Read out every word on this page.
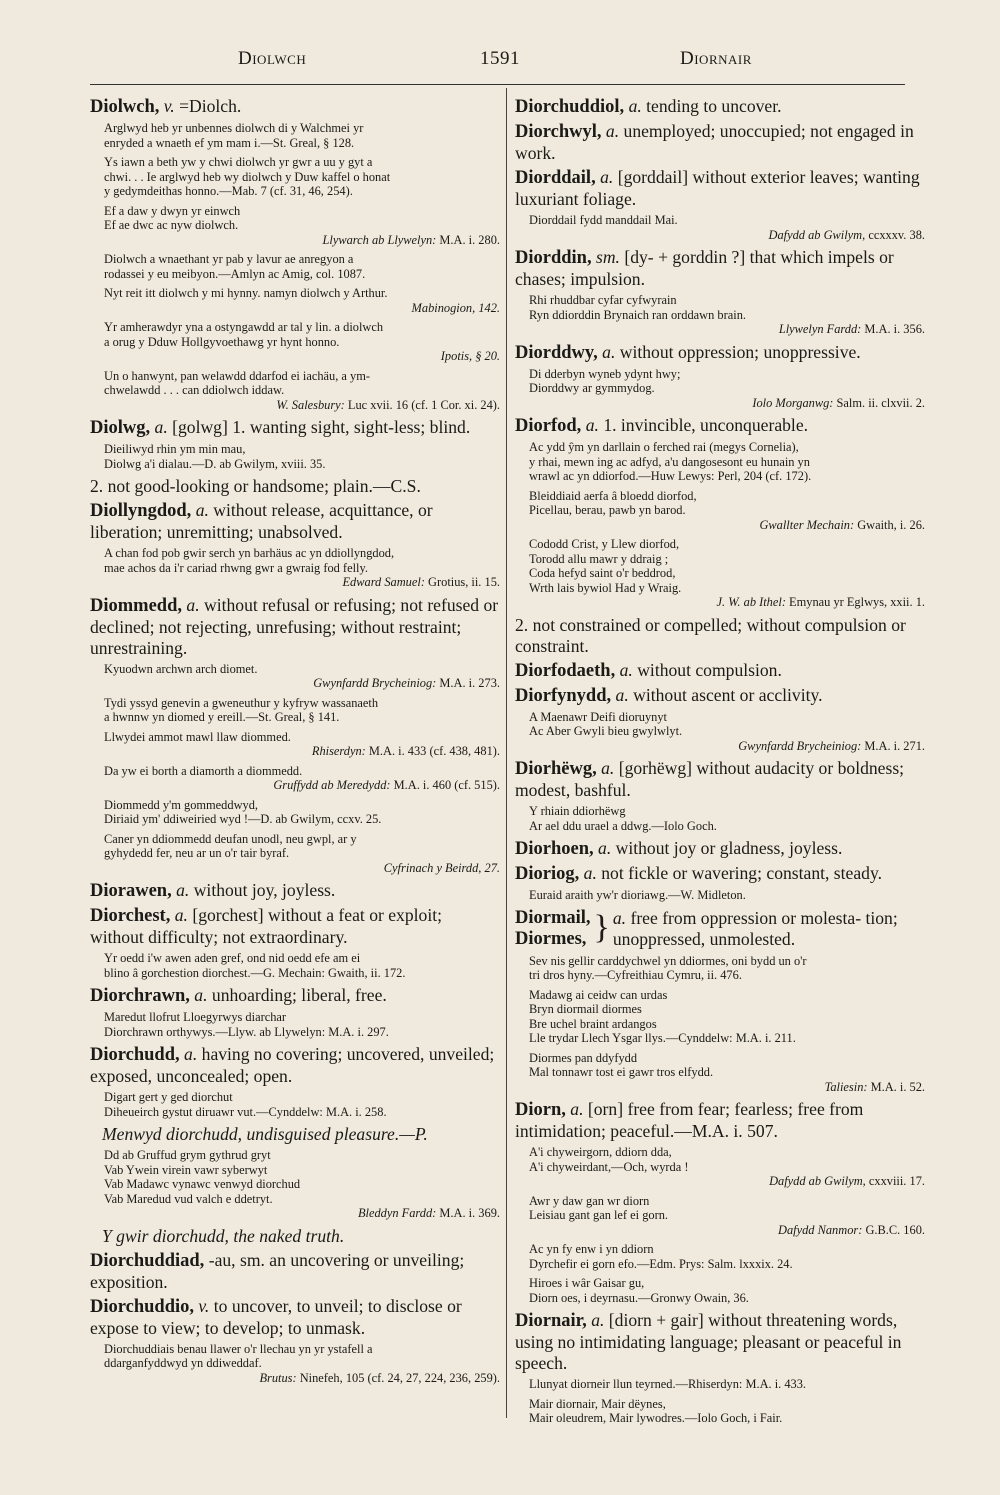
Diolwch	1591	Diornair

Diolwch, v. =Diolch.

Arglwyd heb yr unbennes diolwch di y Walchmei yr
enryded a wnaeth ef ym mam i.—St. Greal, § 128.
Ys iawn a beth yw y chwi diolwch yr gwr a uu y gyt a
chwi. . . Ie arglwyd heb wy diolwch y Duw kaffel o honat
y gedymdeithas honno.—Mab. 7 (cf. 31, 46, 254).
Ef a daw y dwyn yr einwch
Ef ae dwc ac nyw diolwch.
Llywarch ab Llywelyn: M.A. i. 280.
Diolwch a wnaethant yr pab y lavur ae anregyon a
rodassei y eu meibyon.—Amlyn ac Amig, col. 1087.
Nyt reit itt diolwch y mi hynny. namyn diolwch y Arthur.
Mabinogion, 142.
Yr amherawdyr yna a ostyngawdd ar tal y lin. a diolwch
a orug y Dduw Hollgyvoethawg yr hynt honno.
Ipotis, § 20.
Un o hanwynt, pan welawdd ddarfod ei iachäu, a ym-
chwelawdd . . . can ddiolwch iddaw.
W. Salesbury: Luc xvii. 16 (cf. 1 Cor. xi. 24).

Diolwg, a. [golwg] 1. wanting sight, sight-less; blind.

Dieiliwyd rhin ym min mau,
Diolwg a'i dialau.—D. ab Gwilym, xviii. 35.

2. not good-looking or handsome; plain.—C.S.

Diollyngdod, a. without release, acquittance, or liberation; unremitting; unabsolved.

A chan fod pob gwir serch yn barhäus ac yn ddiollyngdod,
mae achos da i'r cariad rhwng gwr a gwraig fod felly.
Edward Samuel: Grotius, ii. 15.

Diommedd, a. without refusal or refusing; not refused or declined; not rejecting, unrefusing; without restraint; unrestraining.

Kyuodwn archwn arch diomet.
Gwynfardd Brycheiniog: M.A. i. 273.
Tydi yssyd genevin a gweneuthur y kyfryw wassanaeth
a hwnnw yn diomed y ereill.—St. Greal, § 141.
Llwydei ammot mawl llaw diommed.
Rhiserdyn: M.A. i. 433 (cf. 438, 481).
Da yw ei borth a diamorth a diommedd.
Gruffydd ab Meredydd: M.A. i. 460 (cf. 515).
Diommedd y'm gommeddwyd,
Diriaid ym' ddiweiried wyd !—D. ab Gwilym, ccxv. 25.
Caner yn ddiommedd deufan unodl, neu gwpl, ar y
gyhydedd fer, neu ar un o'r tair byraf.
Cyfrinach y Beirdd, 27.

Diorawen, a. without joy, joyless.

Diorchest, a. [gorchest] without a feat or exploit; without difficulty; not extraordinary.

Yr oedd i'w awen aden gref, ond nid oedd efe am ei
blino â gorchestion diorchest.—G. Mechain: Gwaith, ii. 172.

Diorchrawn, a. unhoarding; liberal, free.

Maredut llofrut Lloegyrwys diarchar
Diorchrawn orthywys.—Llyw. ab Llywelyn: M.A. i. 297.

Diorchudd, a. having no covering; uncovered, unveiled; exposed, unconcealed; open.

Digart gert y ged diorchut
Diheueirch gystut diruawr vut.—Cynddelw: M.A. i. 258.

Menwyd diorchudd, undisguised pleasure.—P.

Dd ab Gruffud grym gythrud gryt
Vab Ywein virein vawr syberwyt
Vab Madawc vynawc venwyd diorchud
Vab Maredud vud valch e ddetryt.
Bleddyn Fardd: M.A. i. 369.

Y gwir diorchudd, the naked truth.

Diorchuddiad, -au, sm. an uncovering or unveiling; exposition.

Diorchuddio, v. to uncover, to unveil; to disclose or expose to view; to develop; to unmask.

Diorchuddiais benau llawer o'r llechau yn yr ystafell a
ddarganfyddwyd yn ddiweddaf.
Brutus: Ninefeh, 105 (cf. 24, 27, 224, 236, 259).

Diorchuddiol, a. tending to uncover.

Diorchwyl, a. unemployed; unoccupied; not engaged in work.

Diorddail, a. [gorddail] without exterior leaves; wanting luxuriant foliage.

Diorddail fydd manddail Mai.
Dafydd ab Gwilym, ccxxxv. 38.

Diorddin, sm. [dy- + gorddin ?] that which impels or chases; impulsion.

Rhi rhuddbar cyfar cyfwyrain
Ryn ddiorddin Brynaich ran orddawn brain.
Llywelyn Fardd: M.A. i. 356.

Diorddwy, a. without oppression; unoppressive.

Di dderbyn wyneb ydynt hwy;
Diorddwy ar gymmydog.
Iolo Morganwg: Salm. ii. clxvii. 2.

Diorfod, a. 1. invincible, unconquerable.

Ac ydd ŷm yn darllain o ferched rai (megys Cornelia),
y rhai, mewn ing ac adfyd, a'u dangosesont eu hunain yn
wrawl ac yn ddiorfod.—Huw Lewys: Perl, 204 (cf. 172).
Bleiddiaid aerfa â bloedd diorfod,
Picellau, berau, pawb yn barod.
Gwallter Mechain: Gwaith, i. 26.
Cododd Crist, y Llew diorfod,
Torodd allu mawr y ddraig ;
Coda hefyd saint o'r beddrod,
Wrth lais bywiol Had y Wraig.
J. W. ab Ithel: Emynau yr Eglwys, xxii. 1.

2. not constrained or compelled; without compulsion or constraint.

Diorfodaeth, a. without compulsion.

Diorfynydd, a. without ascent or acclivity.

A Maenawr Deifi dioruynyt
Ac Aber Gwyli bieu gwylwlyt.
Gwynfardd Brycheiniog: M.A. i. 271.

Diorhëwg, a. [gorhëwg] without audacity or boldness; modest, bashful.

Y rhiain ddiorhëwg
Ar ael ddu urael a ddwg.—Iolo Goch.

Diorhoen, a. without joy or gladness, joyless.

Dioriog, a. not fickle or wavering; constant, steady.

Euraid araith yw'r dioriawg.—W. Midleton.
Diormail,
Diormes, } a. free from oppression or molesta- tion; unoppressed, unmolested.
Sev nis gellir carddychwel yn ddiormes, oni bydd un o'r
tri dros hyny.—Cyfreithiau Cymru, ii. 476.
Madawg ai ceidw can urdas
Bryn diormail diormes
Bre uchel braint ardangos
Lle trydar Llech Ysgar llys.—Cynddelw: M.A. i. 211.
Diormes pan ddyfydd
Mal tonnawr tost ei gawr tros elfydd.
Taliesin: M.A. i. 52.

Diorn, a. [orn] free from fear; fearless; free from intimidation; peaceful.—M.A. i. 507.

A'i chyweirgorn, ddiorn dda,
A'i chyweirdant,—Och, wyrda !
Dafydd ab Gwilym, cxxviii. 17.
Awr y daw gan wr diorn
Leisiau gant gan lef ei gorn.
Dafydd Nanmor: G.B.C. 160.
Ac yn fy enw i yn ddiorn
Dyrchefir ei gorn efo.—Edm. Prys: Salm. lxxxix. 24.
Hiroes i wâr Gaisar gu,
Diorn oes, i deyrnasu.—Gronwy Owain, 36.

Diornair, a. [diorn + gair] without threatening words, using no intimidating language; pleasant or peaceful in speech.

Llunyat diorneir llun teyrned.—Rhiserdyn: M.A. i. 433.
Mair diornair, Mair dëynes,
Mair oleudrem, Mair lywodres.—Iolo Goch, i Fair.
